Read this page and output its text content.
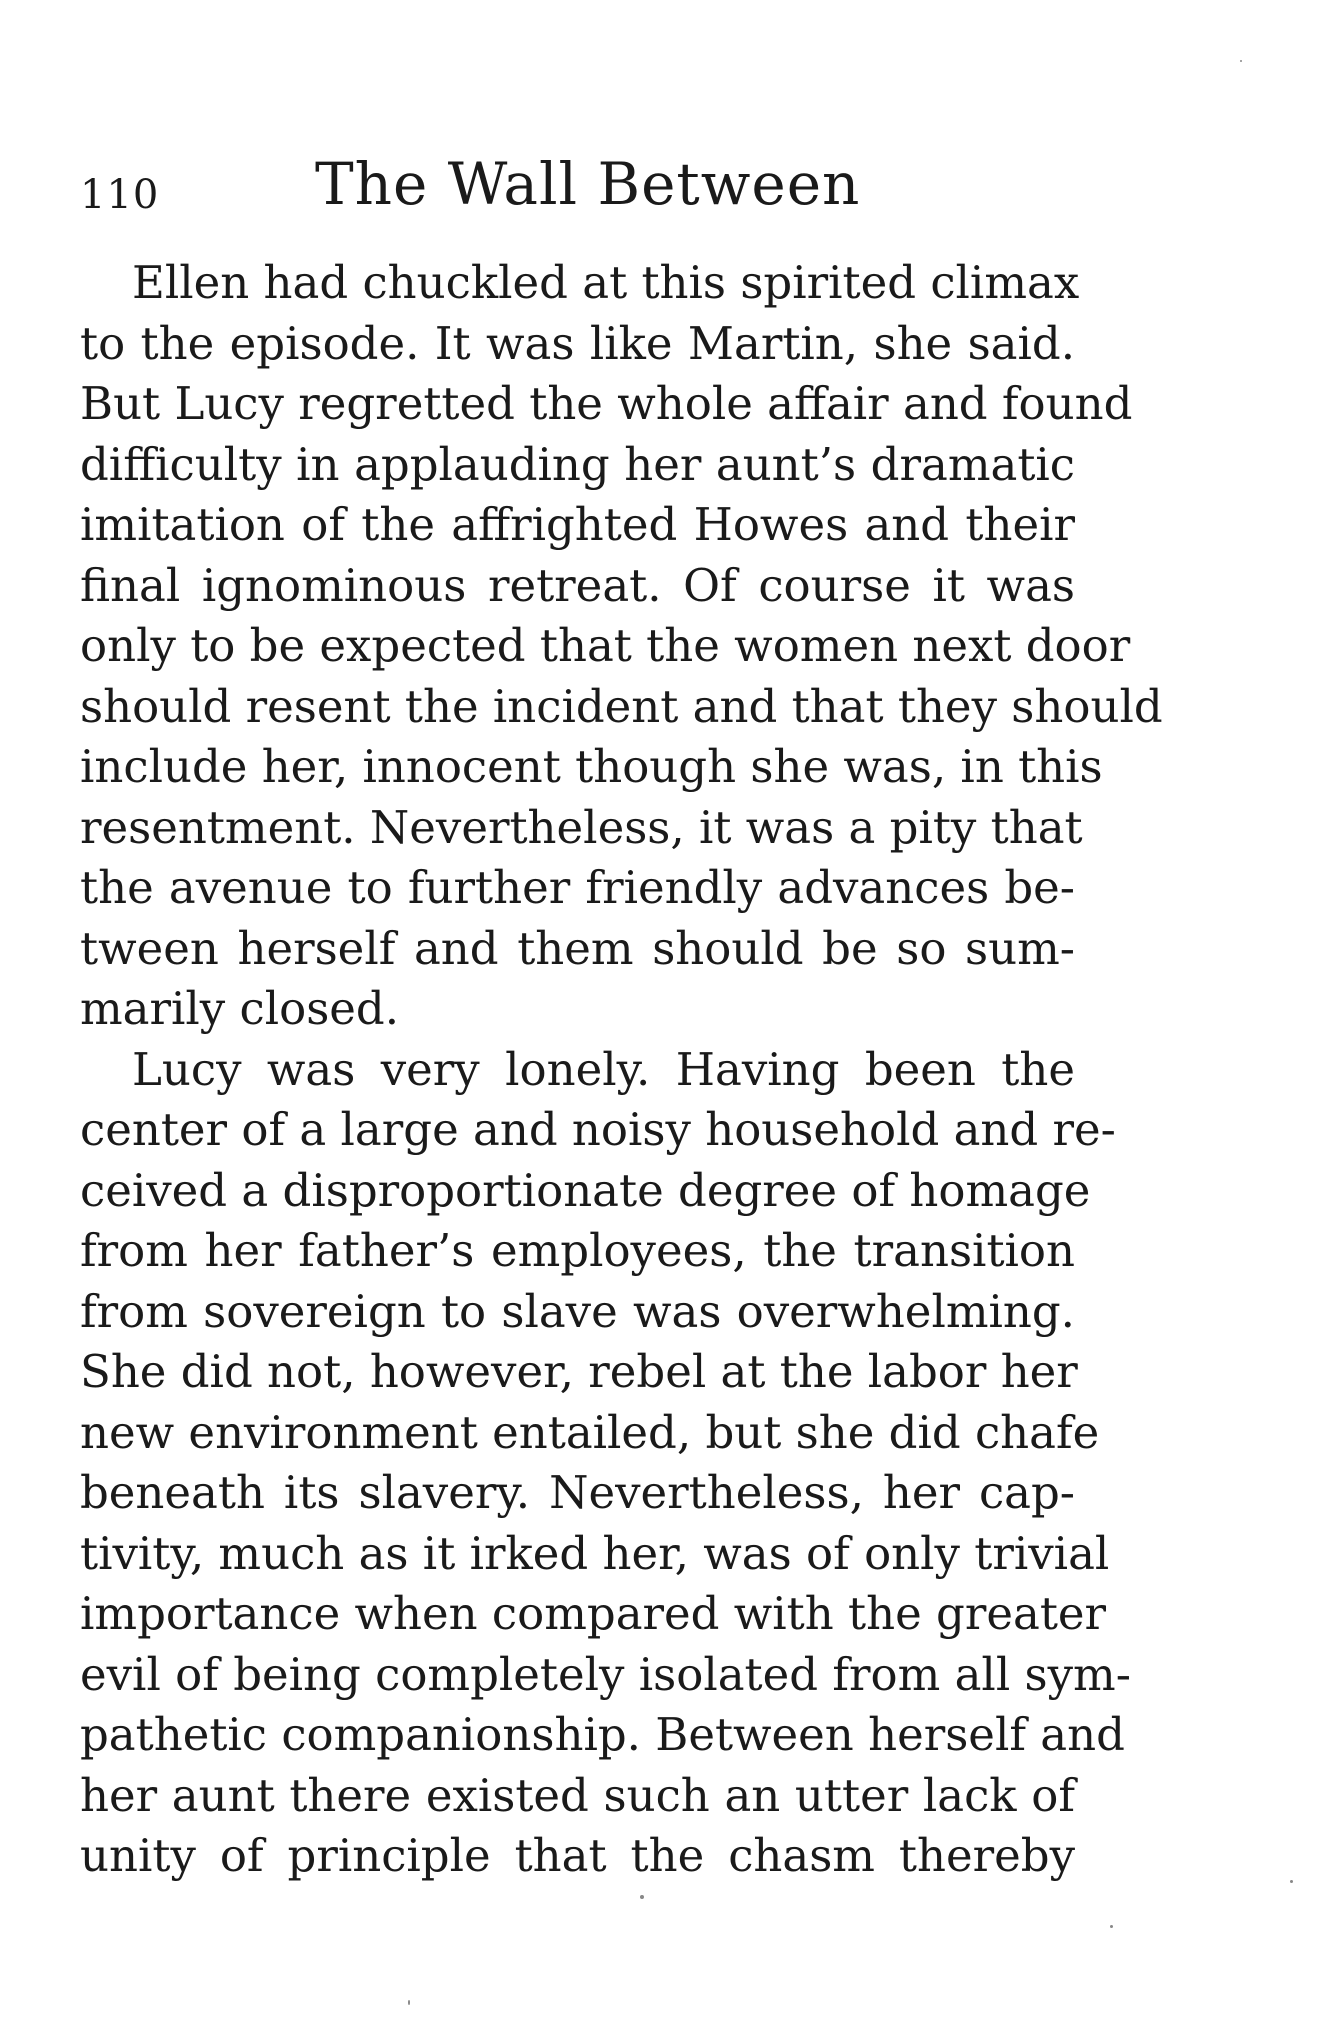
110	The Wall Between
Ellen had chuckled at this spirited climax
to the episode. It was like Martin, she said.
But Lucy regretted the whole affair and found
difficulty in applauding her aunt’s dramatic
imitation of the affrighted Howes and their
final ignominous retreat. Of course it was
only to be expected that the women next door
should resent the incident and that they should
include her, innocent though she was, in this
resentment. Nevertheless, it was a pity that
the avenue to further friendly advances be-
tween herself and them should be so sum-
marily closed.
Lucy was very lonely. Having been the
center of a large and noisy household and re-
ceived a disproportionate degree of homage
from her father’s employees, the transition
from sovereign to slave was overwhelming.
She did not, however, rebel at the labor her
new environment entailed, but she did chafe
beneath its slavery. Nevertheless, her cap-
tivity, much as it irked her, was of only trivial
importance when compared with the greater
evil of being completely isolated from all sym-
pathetic companionship. Between herself and
her aunt there existed such an utter lack of
unity of principle that the chasm thereby
